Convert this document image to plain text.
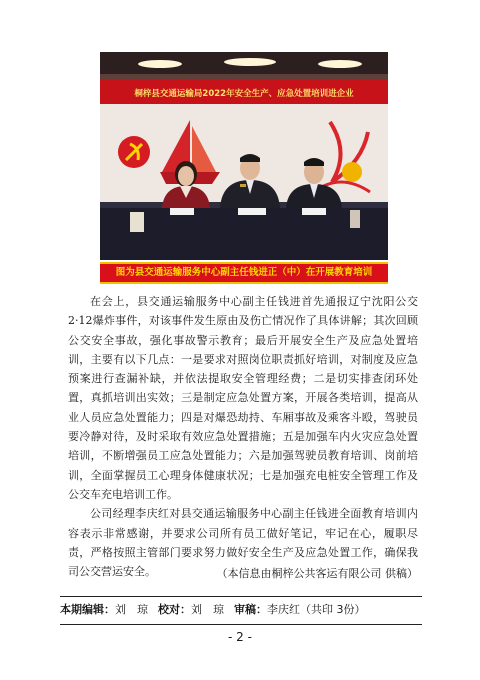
桐梓县交通运输局2022年安全生产、应急处置培训进企业
图为县交通运输服务中心副主任钱进正（中）在开展教育培训

在会上，县交通运输服务中心副主任钱进首先通报辽宁沈阳公交2·12爆炸事件，对该事件发生原由及伤亡情况作了具体讲解；其次回顾公交安全事故，强化事故警示教育；最后开展安全生产及应急处置培训，主要有以下几点：一是要求对照岗位职责抓好培训，对制度及应急预案进行查漏补缺，并依法提取安全管理经费；二是切实排查闭环处置，真抓培训出实效；三是制定应急处置方案，开展各类培训，提高从业人员应急处置能力；四是对爆恐劫持、车厢事故及乘客斗殴，驾驶员要冷静对待，及时采取有效应急处置措施；五是加强车内火灾应急处置培训，不断增强员工应急处置能力；六是加强驾驶员教育培训、岗前培训，全面掌握员工心理身体健康状况；七是加强充电桩安全管理工作及公交车充电培训工作。

公司经理李庆红对县交通运输服务中心副主任钱进全面教育培训内容表示非常感谢，并要求公司所有员工做好笔记，牢记在心，履职尽责，严格按照主管部门要求努力做好安全生产及应急处置工作，确保我司公交营运安全。	（本信息由桐梓公共客运有限公司 供稿）
本期编辑：刘　琼 校对：刘　琼 审稿：李庆红（共印 3份）
- 2 -
